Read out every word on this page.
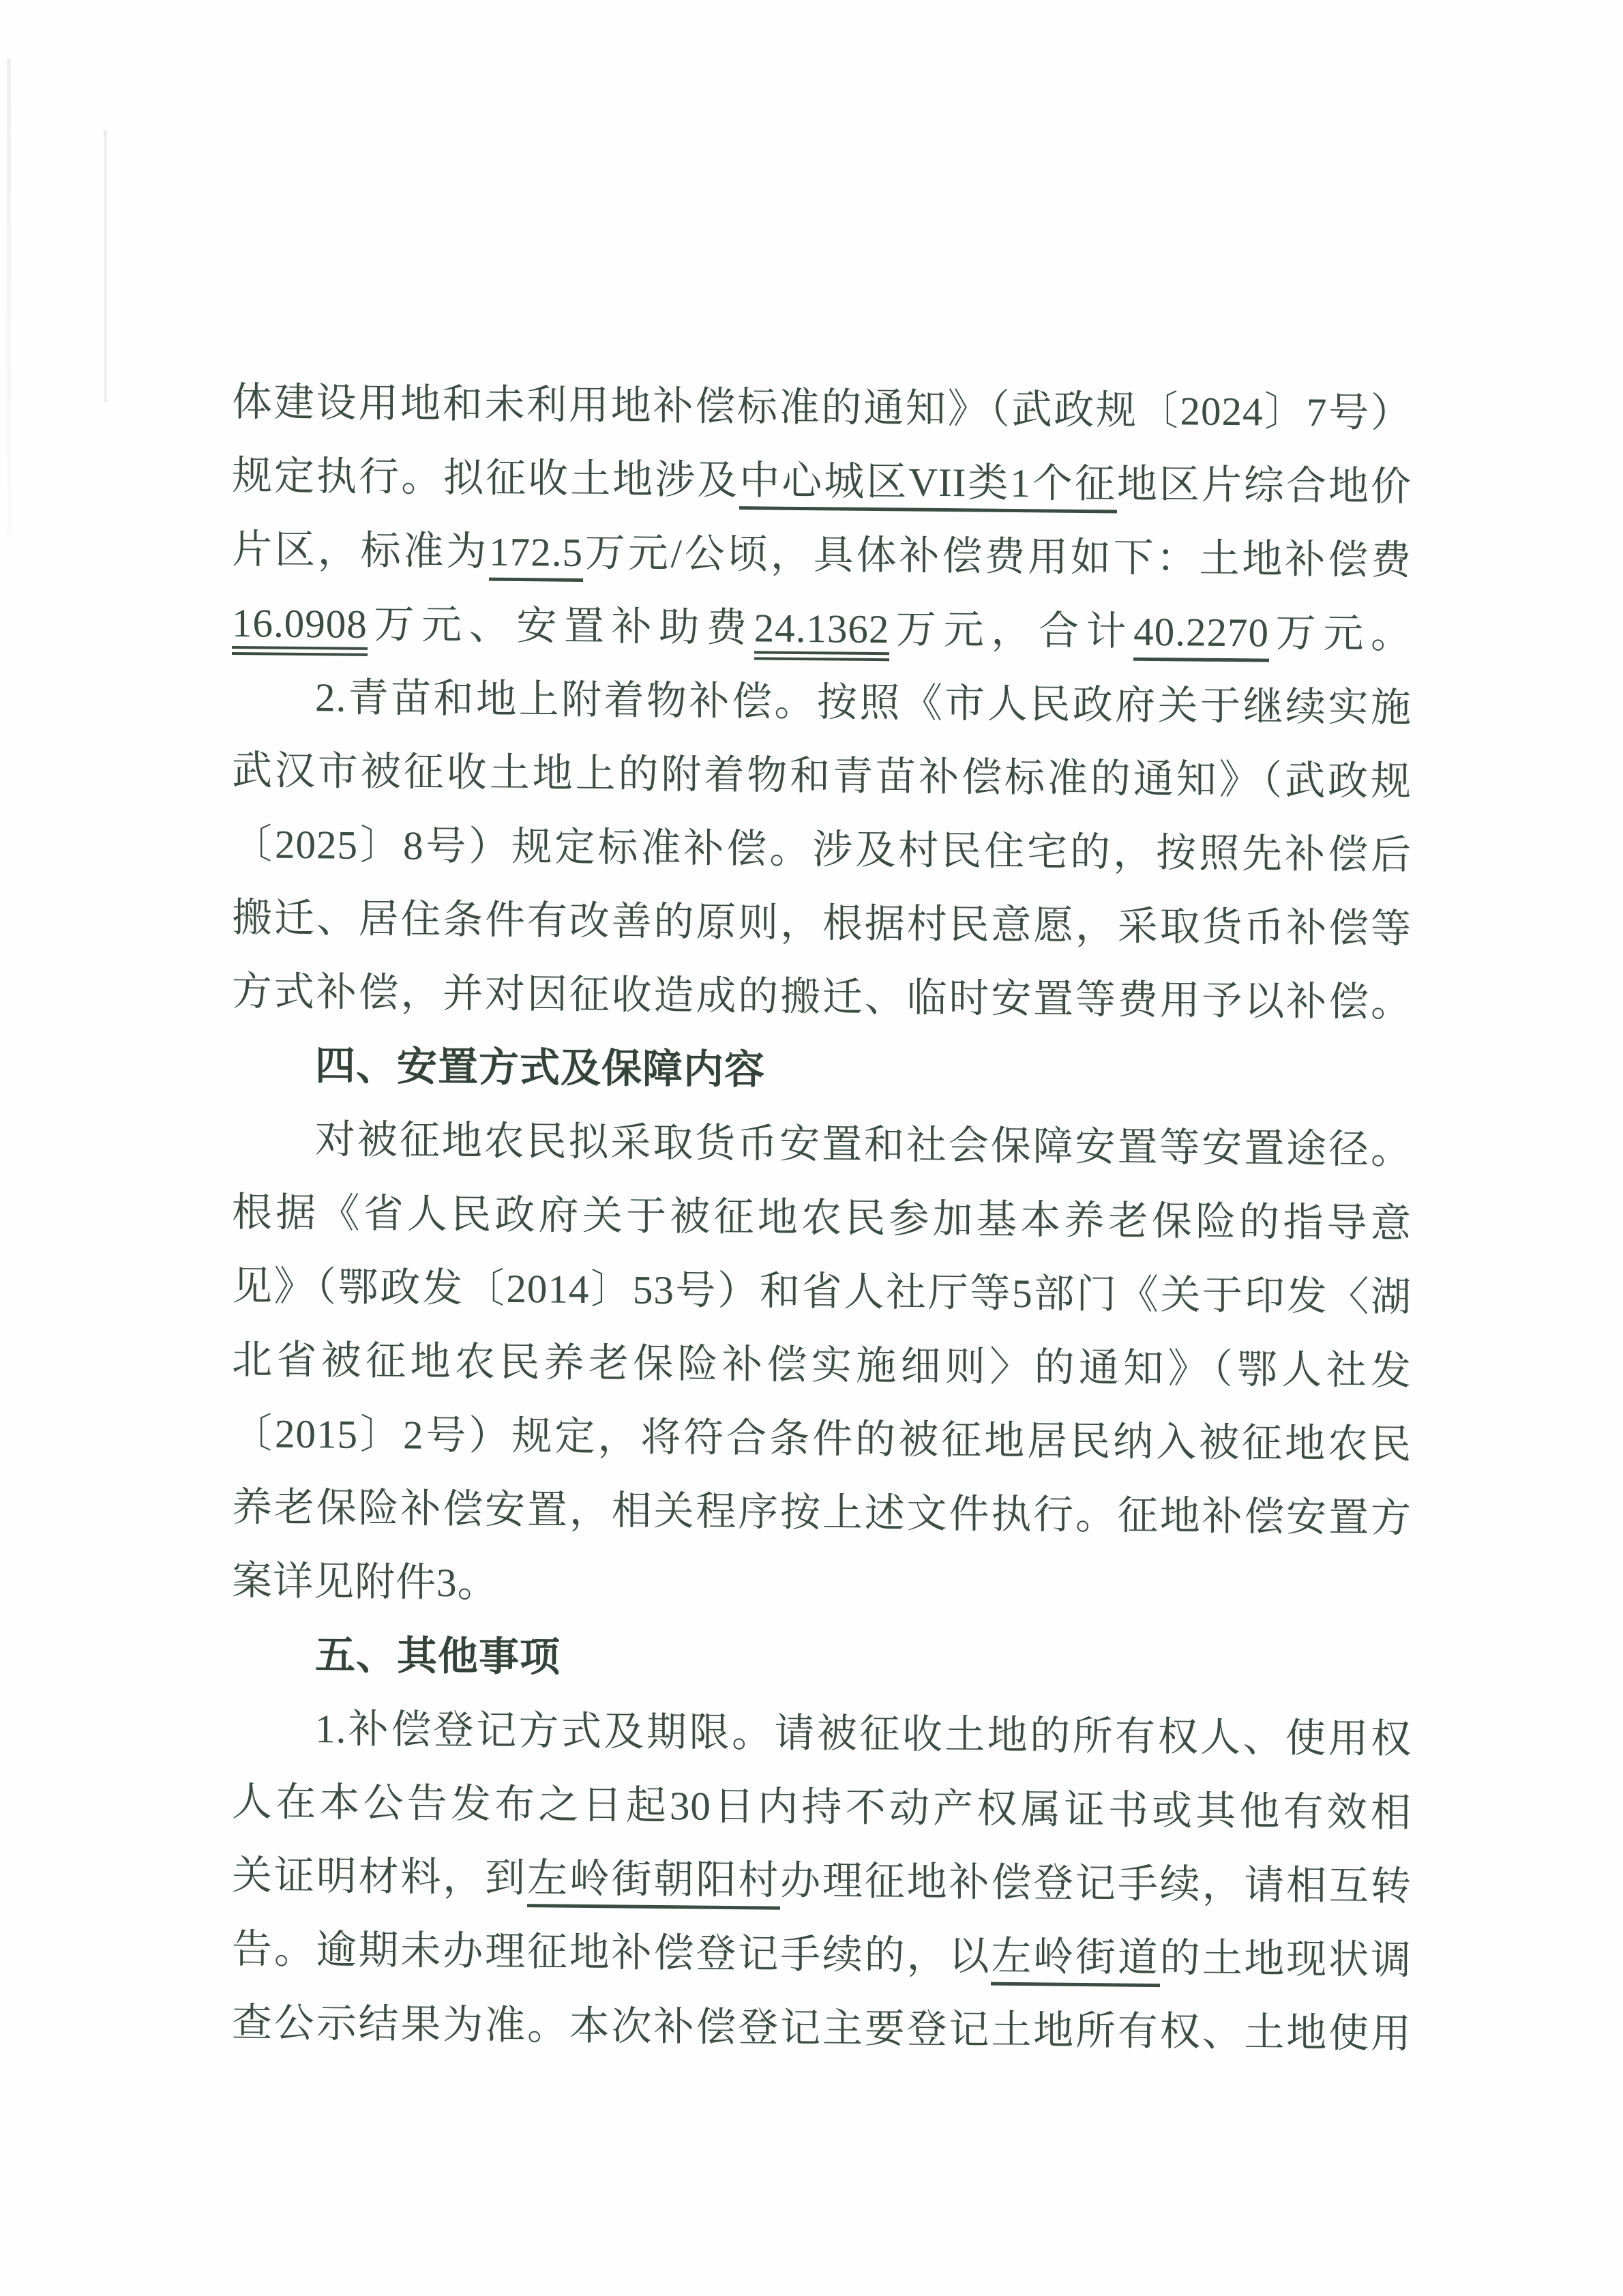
体建设用地和未利用地补偿标准的通知》（武政规〔2024〕7号）
规定执行。拟征收土地涉及中心城区VII类1个征地区片综合地价
片区，标准为172.5万元/公顷，具体补偿费用如下：土地补偿费
16.0908万元、安置补助费24.1362万元，合计40.2270万元。
2.青苗和地上附着物补偿。按照《市人民政府关于继续实施
武汉市被征收土地上的附着物和青苗补偿标准的通知》（武政规
〔2025〕8号）规定标准补偿。涉及村民住宅的，按照先补偿后
搬迁、居住条件有改善的原则，根据村民意愿，采取货币补偿等
方式补偿，并对因征收造成的搬迁、临时安置等费用予以补偿。
四、安置方式及保障内容
对被征地农民拟采取货币安置和社会保障安置等安置途径。
根据《省人民政府关于被征地农民参加基本养老保险的指导意
见》（鄂政发〔2014〕53号）和省人社厅等5部门《关于印发〈湖
北省被征地农民养老保险补偿实施细则〉的通知》（鄂人社发
〔2015〕2号）规定，将符合条件的被征地居民纳入被征地农民
养老保险补偿安置，相关程序按上述文件执行。征地补偿安置方
案详见附件3。
五、其他事项
1.补偿登记方式及期限。请被征收土地的所有权人、使用权
人在本公告发布之日起30日内持不动产权属证书或其他有效相
关证明材料，到左岭街朝阳村办理征地补偿登记手续，请相互转
告。逾期未办理征地补偿登记手续的，以左岭街道的土地现状调
查公示结果为准。本次补偿登记主要登记土地所有权、土地使用
